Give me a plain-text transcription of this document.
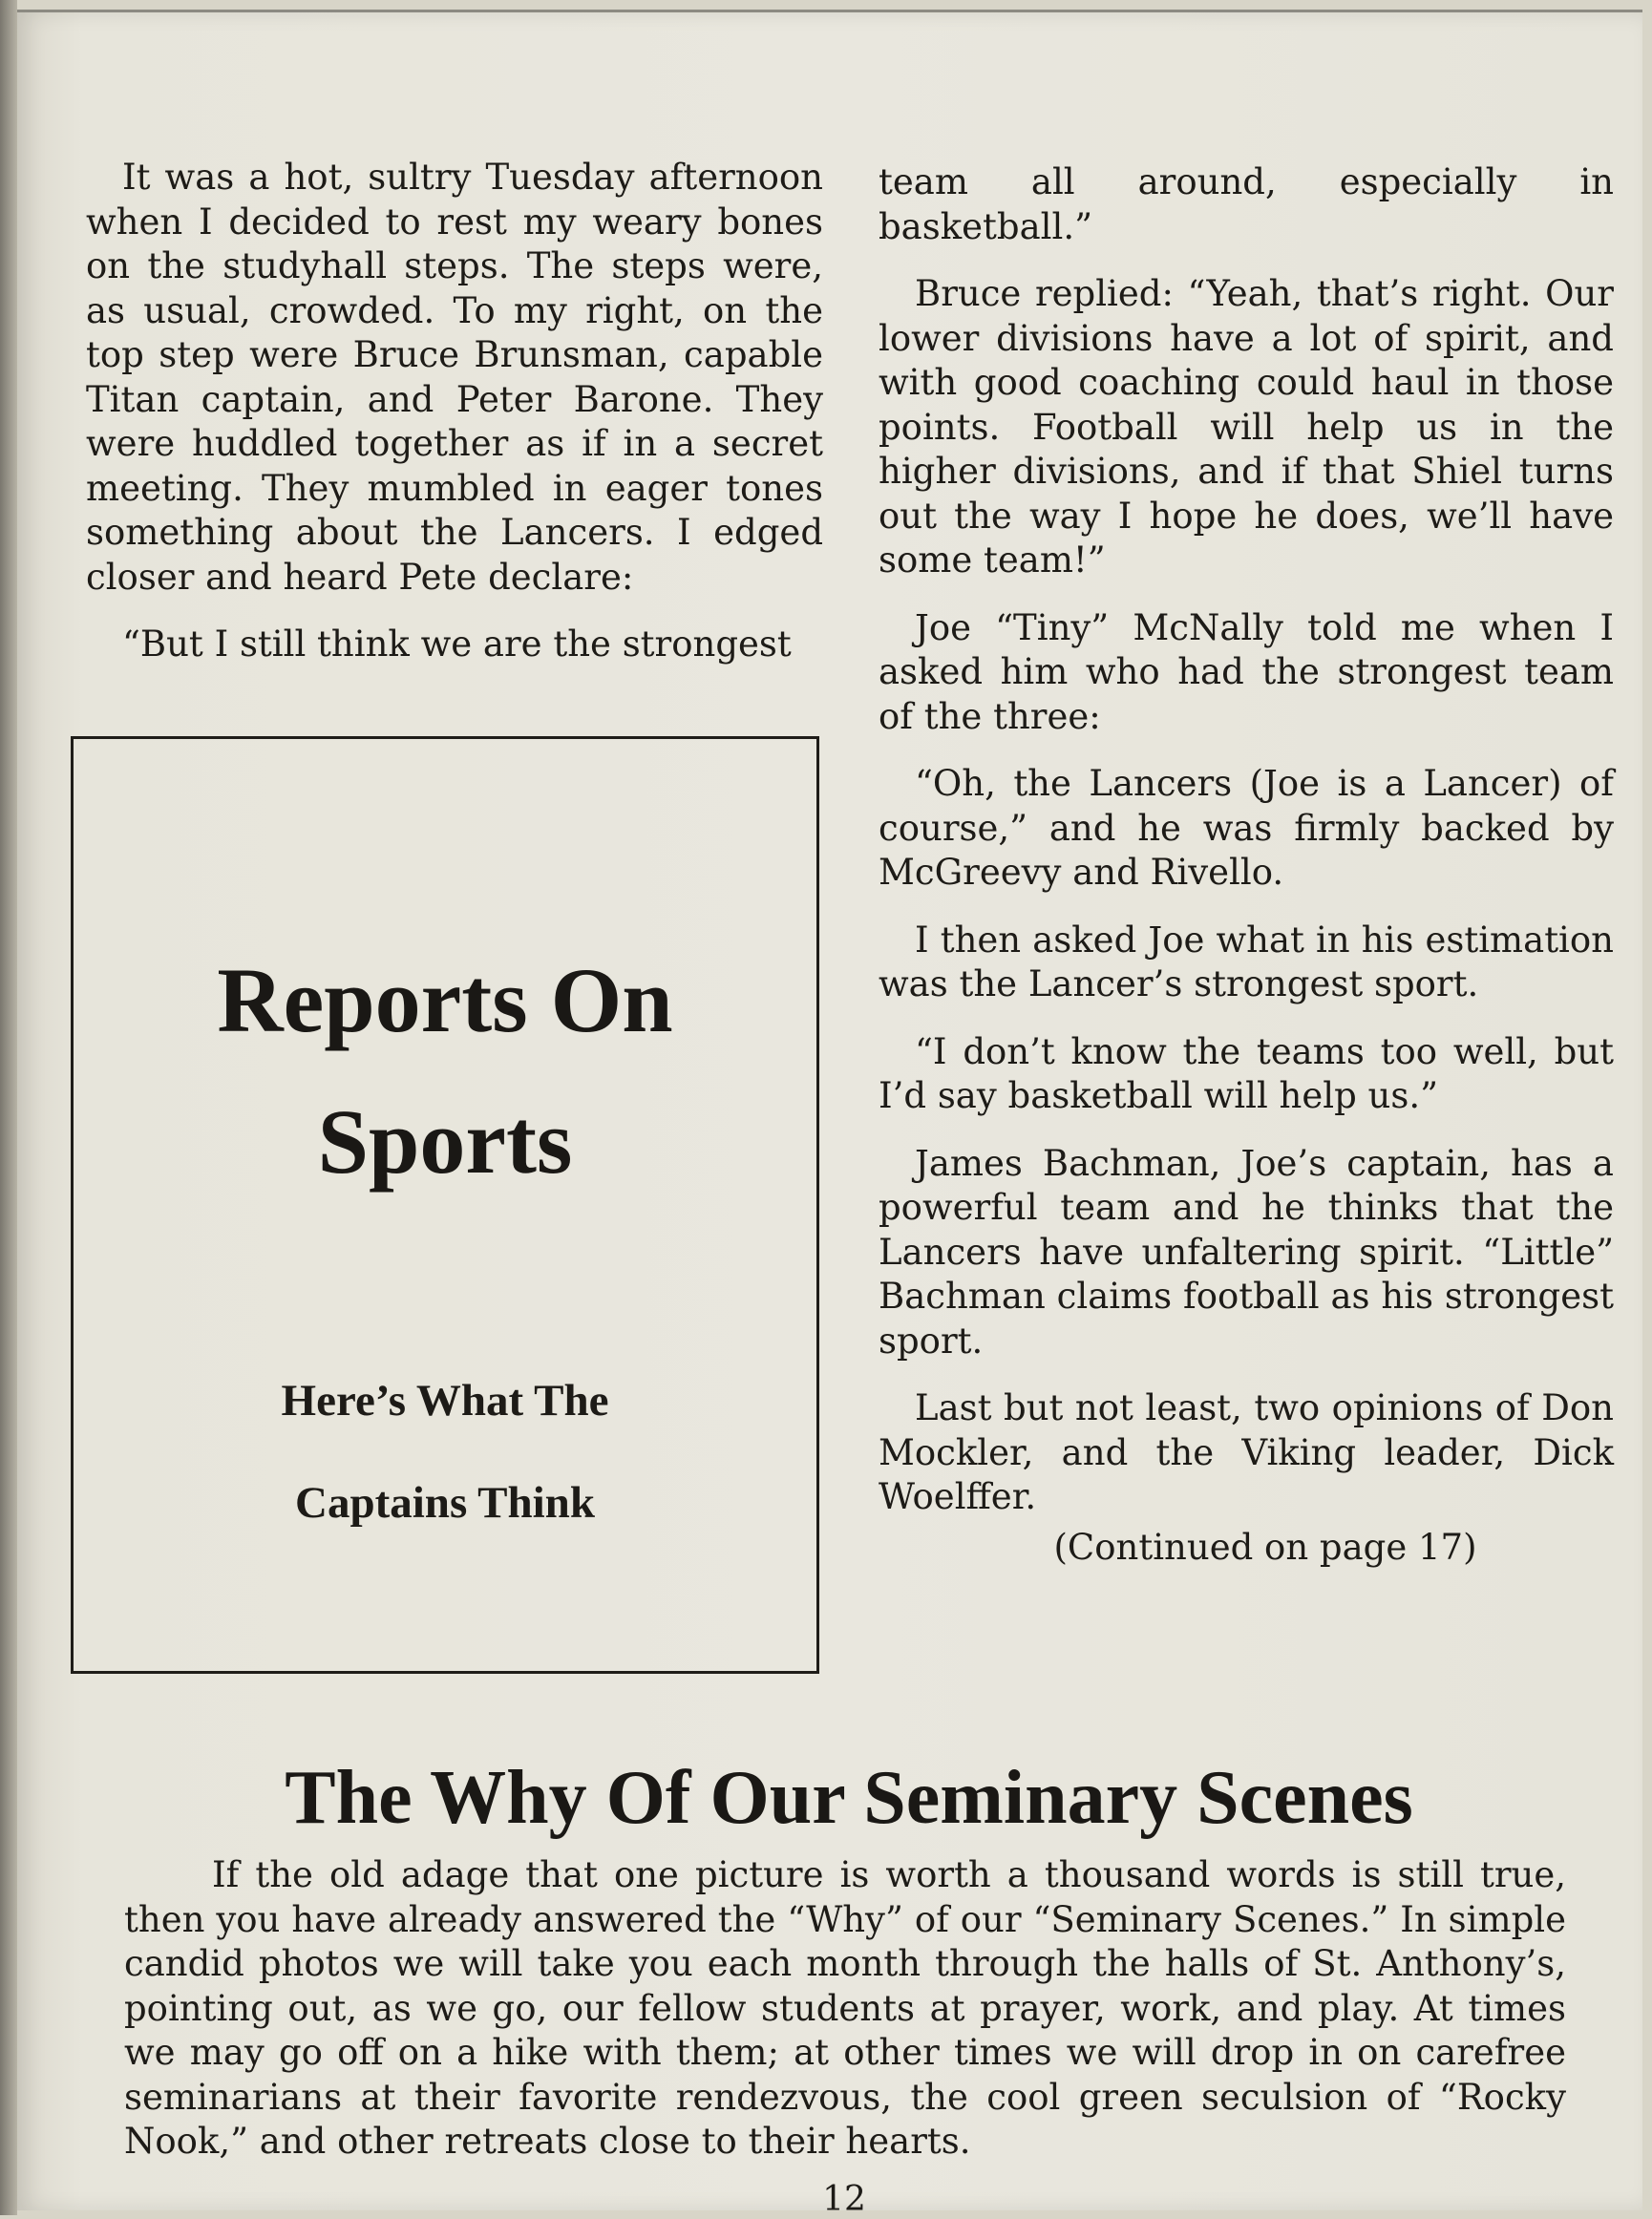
It was a hot, sultry Tuesday afternoon when I decided to rest my weary bones on the studyhall steps. The steps were, as usual, crowded. To my right, on the top step were Bruce Brunsman, capable Titan captain, and Peter Barone. They were huddled together as if in a secret meeting. They mumbled in eager tones something about the Lancers. I edged closer and heard Pete declare:

“But I still think we are the strongest

Reports On
Sports
Here’s What The
Captains Think

team all around, especially in basketball.”

Bruce replied: “Yeah, that’s right. Our lower divisions have a lot of spirit, and with good coaching could haul in those points. Football will help us in the higher divisions, and if that Shiel turns out the way I hope he does, we’ll have some team!”

Joe “Tiny” McNally told me when I asked him who had the strongest team of the three:

“Oh, the Lancers (Joe is a Lancer) of course,” and he was firmly backed by McGreevy and Rivello.

I then asked Joe what in his estimation was the Lancer’s strongest sport.

“I don’t know the teams too well, but I’d say basketball will help us.”

James Bachman, Joe’s captain, has a powerful team and he thinks that the Lancers have unfaltering spirit. “Little” Bachman claims football as his strongest sport.

Last but not least, two opinions of Don Mockler, and the Viking leader, Dick Woelffer.

(Continued on page 17)
The Why Of Our Seminary Scenes
If the old adage that one picture is worth a thousand words is still true, then you have already answered the “Why” of our “Seminary Scenes.” In simple candid photos we will take you each month through the halls of St. Anthony’s, pointing out, as we go, our fellow students at prayer, work, and play. At times we may go off on a hike with them; at other times we will drop in on carefree seminarians at their favorite rendezvous, the cool green seculsion of “Rocky Nook,” and other retreats close to their hearts.
12
